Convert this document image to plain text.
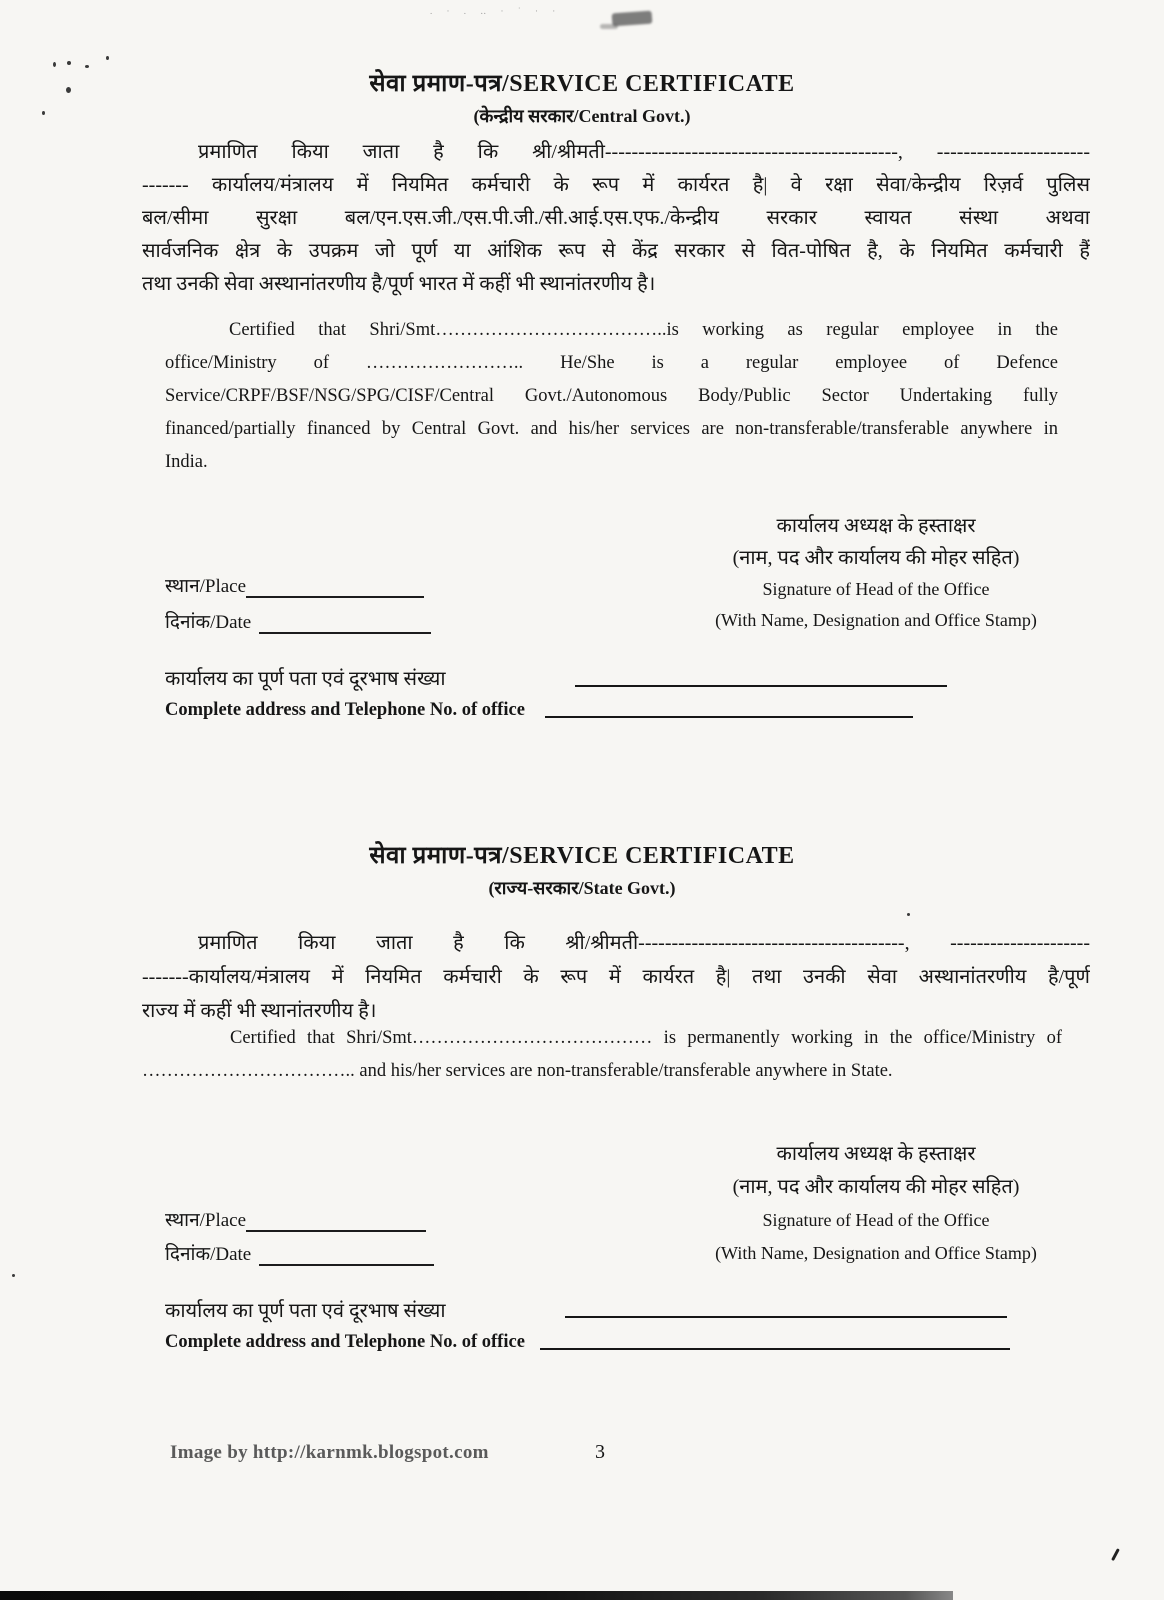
. · . ‥ · ˙ · ·
सेवा प्रमाण-पत्र/SERVICE CERTIFICATE
(केन्द्रीय सरकार/Central Govt.)
प्रमाणित किया जाता है कि श्री/श्रीमती--------------------------------------------, -----------------------
------- कार्यालय/मंत्रालय में नियमित कर्मचारी के रूप में कार्यरत है| वे रक्षा सेवा/केन्द्रीय रिज़र्व पुलिस
बल/सीमा सुरक्षा बल/एन.एस.जी./एस.पी.जी./सी.आई.एस.एफ./केन्द्रीय सरकार स्वायत संस्था अथवा
सार्वजनिक क्षेत्र के उपक्रम जो पूर्ण या आंशिक रूप से केंद्र सरकार से वित-पोषित है, के नियमित कर्मचारी हैं
तथा उनकी सेवा अस्थानांतरणीय है/पूर्ण भारत में कहीं भी स्थानांतरणीय है।
Certified that Shri/Smt………………………………..is working as regular employee in the
office/Ministry of …………………….. He/She is a regular employee of Defence
Service/CRPF/BSF/NSG/SPG/CISF/Central Govt./Autonomous Body/Public Sector Undertaking fully
financed/partially financed by Central Govt. and his/her services are non-transferable/transferable anywhere in
India.
कार्यालय अध्यक्ष के हस्ताक्षर
(नाम, पद और कार्यालय की मोहर सहित)
Signature of Head of the Office
(With Name, Designation and Office Stamp)
स्थान/Place
दिनांक/Date
कार्यालय का पूर्ण पता एवं दूरभाष संख्या
Complete address and Telephone No. of office
सेवा प्रमाण-पत्र/SERVICE CERTIFICATE
(राज्य-सरकार/State Govt.)
प्रमाणित किया जाता है कि श्री/श्रीमती----------------------------------------, ---------------------
-------कार्यालय/मंत्रालय में नियमित कर्मचारी के रूप में कार्यरत है| तथा उनकी सेवा अस्थानांतरणीय है/पूर्ण
राज्य में कहीं भी स्थानांतरणीय है।
Certified that Shri/Smt………………………………… is permanently working in the office/Ministry of
…………………………….. and his/her services are non-transferable/transferable anywhere in State.
कार्यालय अध्यक्ष के हस्ताक्षर
(नाम, पद और कार्यालय की मोहर सहित)
Signature of Head of the Office
(With Name, Designation and Office Stamp)
स्थान/Place
दिनांक/Date
कार्यालय का पूर्ण पता एवं दूरभाष संख्या
Complete address and Telephone No. of office
Image by http://karnmk.blogspot.com	3
